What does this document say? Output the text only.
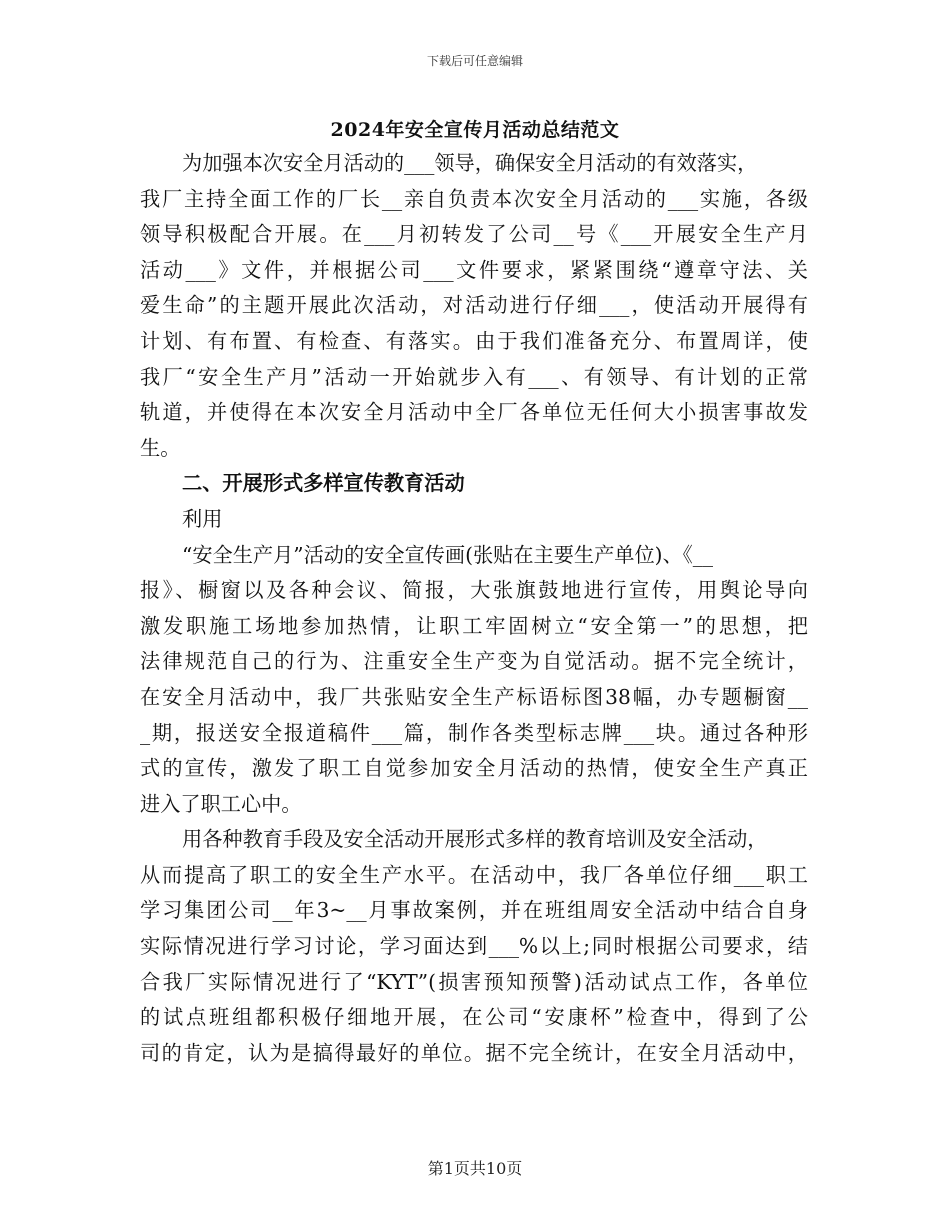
下载后可任意编辑
2024年安全宣传月活动总结范文
为加强本次安全月活动的___领导，确保安全月活动的有效落实，
我厂主持全面工作的厂长__亲自负责本次安全月活动的___实施，各级
领导积极配合开展。在___月初转发了公司__号《___开展安全生产月
活动___》文件，并根据公司___文件要求，紧紧围绕“遵章守法、关
爱生命”的主题开展此次活动，对活动进行仔细___，使活动开展得有
计划、有布置、有检查、有落实。由于我们准备充分、布置周详，使
我厂“安全生产月”活动一开始就步入有___、有领导、有计划的正常
轨道，并使得在本次安全月活动中全厂各单位无任何大小损害事故发
生。
二、开展形式多样宣传教育活动
利用
“安全生产月”活动的安全宣传画(张贴在主要生产单位)、《__
报》、橱窗以及各种会议、简报，大张旗鼓地进行宣传，用舆论导向
激发职施工场地参加热情，让职工牢固树立“安全第一”的思想，把
法律规范自己的行为、注重安全生产变为自觉活动。据不完全统计，
在安全月活动中，我厂共张贴安全生产标语标图38幅，办专题橱窗__
_期，报送安全报道稿件___篇，制作各类型标志牌___块。通过各种形
式的宣传，激发了职工自觉参加安全月活动的热情，使安全生产真正
进入了职工心中。
用各种教育手段及安全活动开展形式多样的教育培训及安全活动，
从而提高了职工的安全生产水平。在活动中，我厂各单位仔细___职工
学习集团公司__年3~__月事故案例，并在班组周安全活动中结合自身
实际情况进行学习讨论，学习面达到___%以上;同时根据公司要求，结
合我厂实际情况进行了“KYT”(损害预知预警)活动试点工作，各单位
的试点班组都积极仔细地开展，在公司“安康杯”检查中，得到了公
司的肯定，认为是搞得最好的单位。据不完全统计，在安全月活动中，
第1页共10页
